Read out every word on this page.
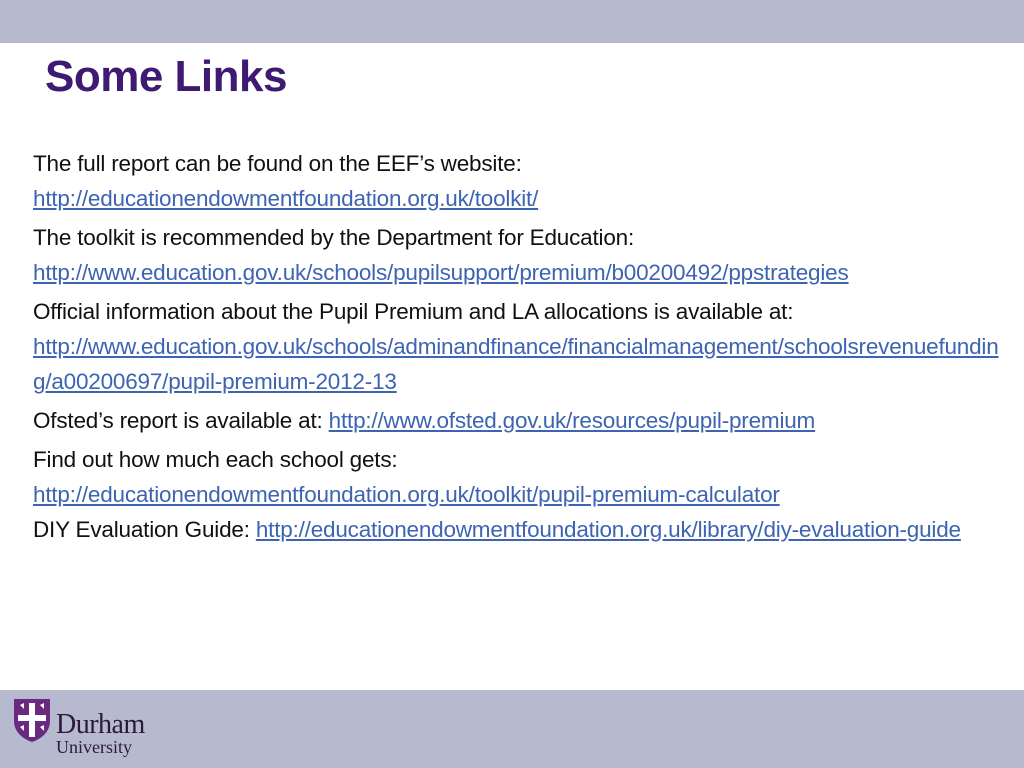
Some Links

The full report can be found on the EEF’s website:
http://educationendowmentfoundation.org.uk/toolkit/

The toolkit is recommended by the Department for Education:
http://www.education.gov.uk/schools/pupilsupport/premium/b00200492/ppstrategies

Official information about the Pupil Premium and LA allocations is available at:
http://www.education.gov.uk/schools/adminandfinance/financialmanagement/schoolsrevenuefunding/a00200697/pupil-premium-2012-13

Ofsted’s report is available at: http://www.ofsted.gov.uk/resources/pupil-premium

Find out how much each school gets:
http://educationendowmentfoundation.org.uk/toolkit/pupil-premium-calculator

DIY Evaluation Guide: http://educationendowmentfoundation.org.uk/library/diy-evaluation-guide

Durham
University
